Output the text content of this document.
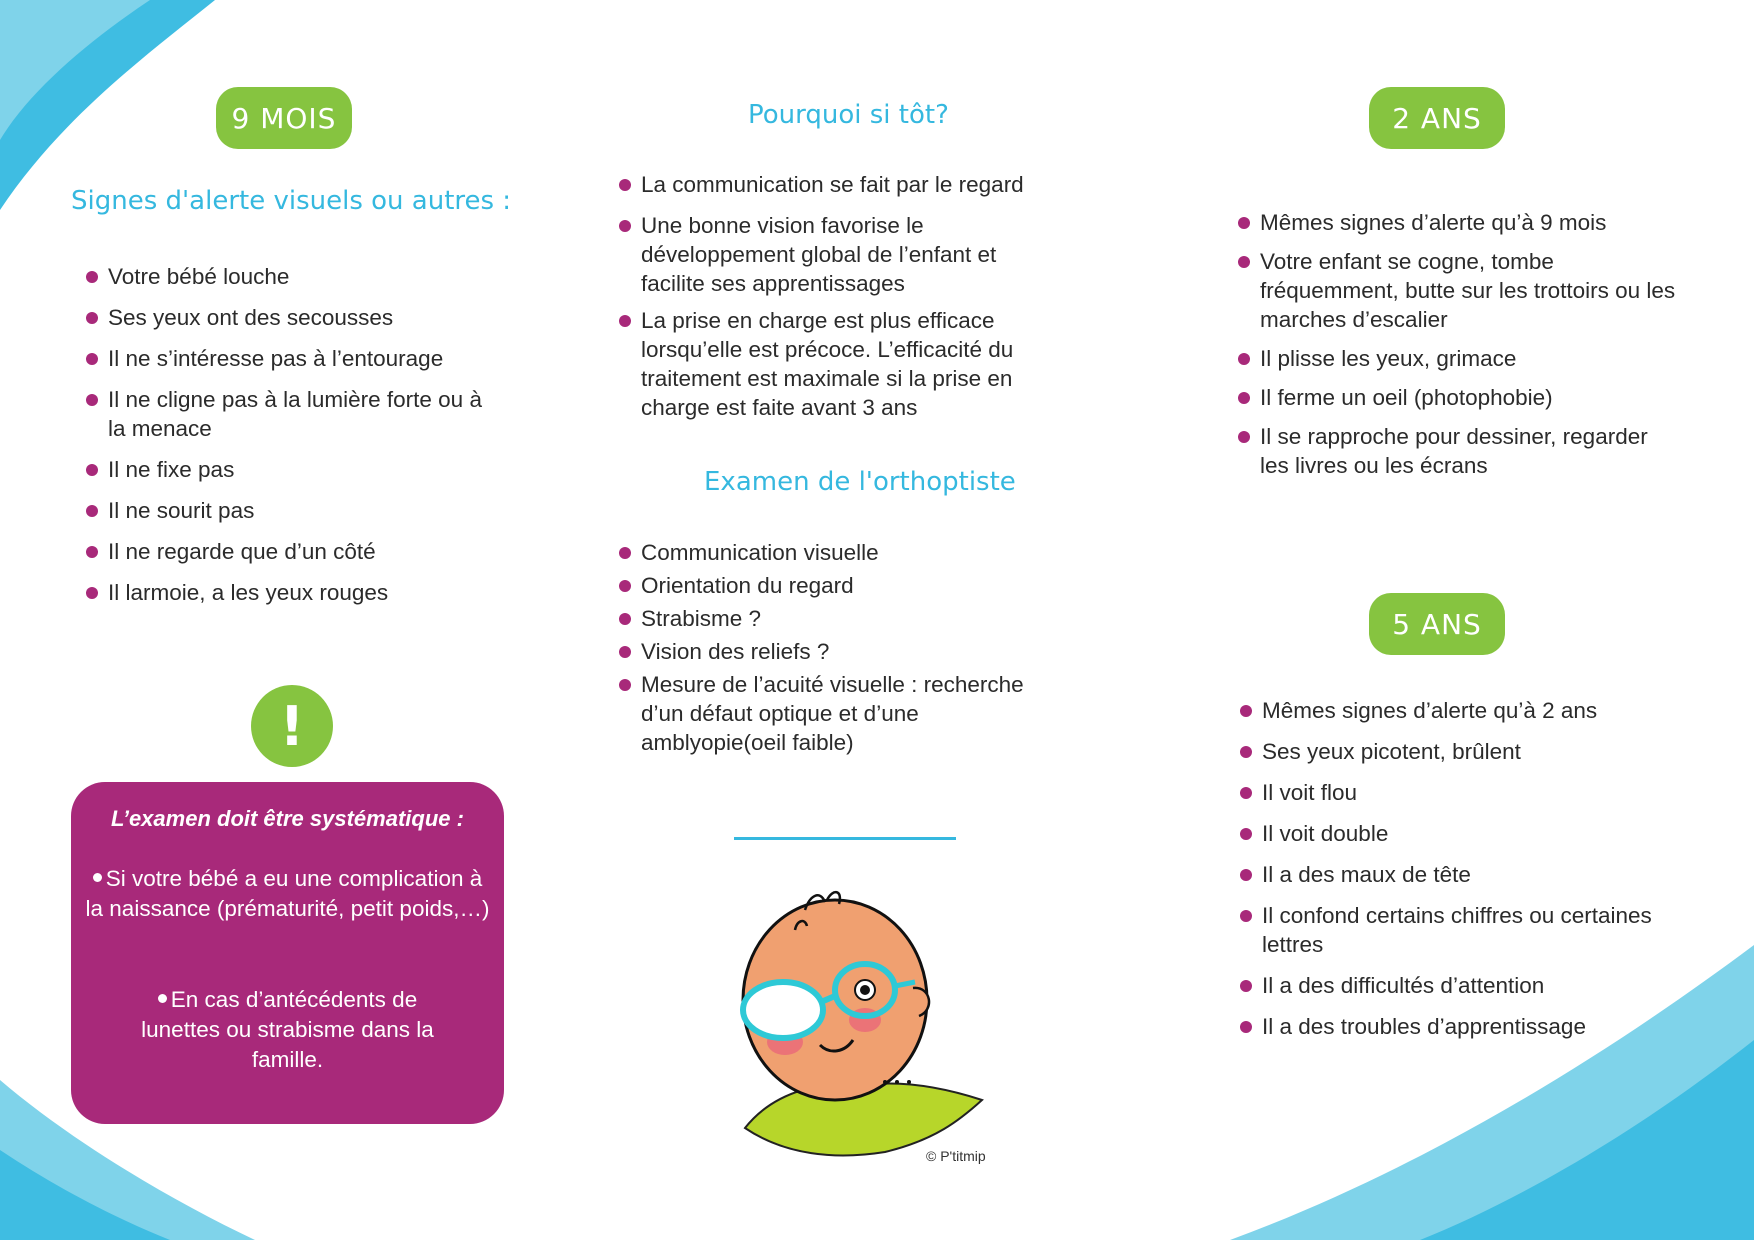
9 MOIS
Signes d'alerte visuels ou autres :
Votre bébé louche
Ses yeux ont des secousses
Il ne s’intéresse pas à l’entourage
Il ne cligne pas à la lumière forte ou à la menace
Il ne fixe pas
Il ne sourit pas
Il ne regarde que d’un côté
Il larmoie, a les yeux rouges
!
L’examen doit être systématique :
Si votre bébé a eu une complication à la naissance (prématurité, petit poids,…)
En cas d’antécédents de lunettes ou strabisme dans la famille.
Pourquoi si tôt?
La communication se fait par le regard
Une bonne vision favorise le développement global de l’enfant et facilite ses apprentissages
La prise en charge est plus efficace lorsqu’elle est précoce. L’efficacité du traitement est maximale si la prise en charge est faite avant 3 ans
Examen de l'orthoptiste
Communication visuelle
Orientation du regard
Strabisme ?
Vision des reliefs ?
Mesure de l’acuité visuelle : recherche d’un défaut optique et d’une amblyopie(oeil faible)
© P'titmip
2 ANS
Mêmes signes d’alerte qu’à 9 mois
Votre enfant se cogne, tombe fréquemment, butte sur les trottoirs ou les marches d’escalier
Il plisse les yeux, grimace
Il ferme un oeil (photophobie)
Il se rapproche pour dessiner, regarder les livres ou les écrans
5 ANS
Mêmes signes d’alerte qu’à 2 ans
Ses yeux picotent, brûlent
Il voit flou
Il voit double
Il a des maux de tête
Il confond certains chiffres ou certaines lettres
Il a des difficultés d’attention
Il a des troubles d’apprentissage
